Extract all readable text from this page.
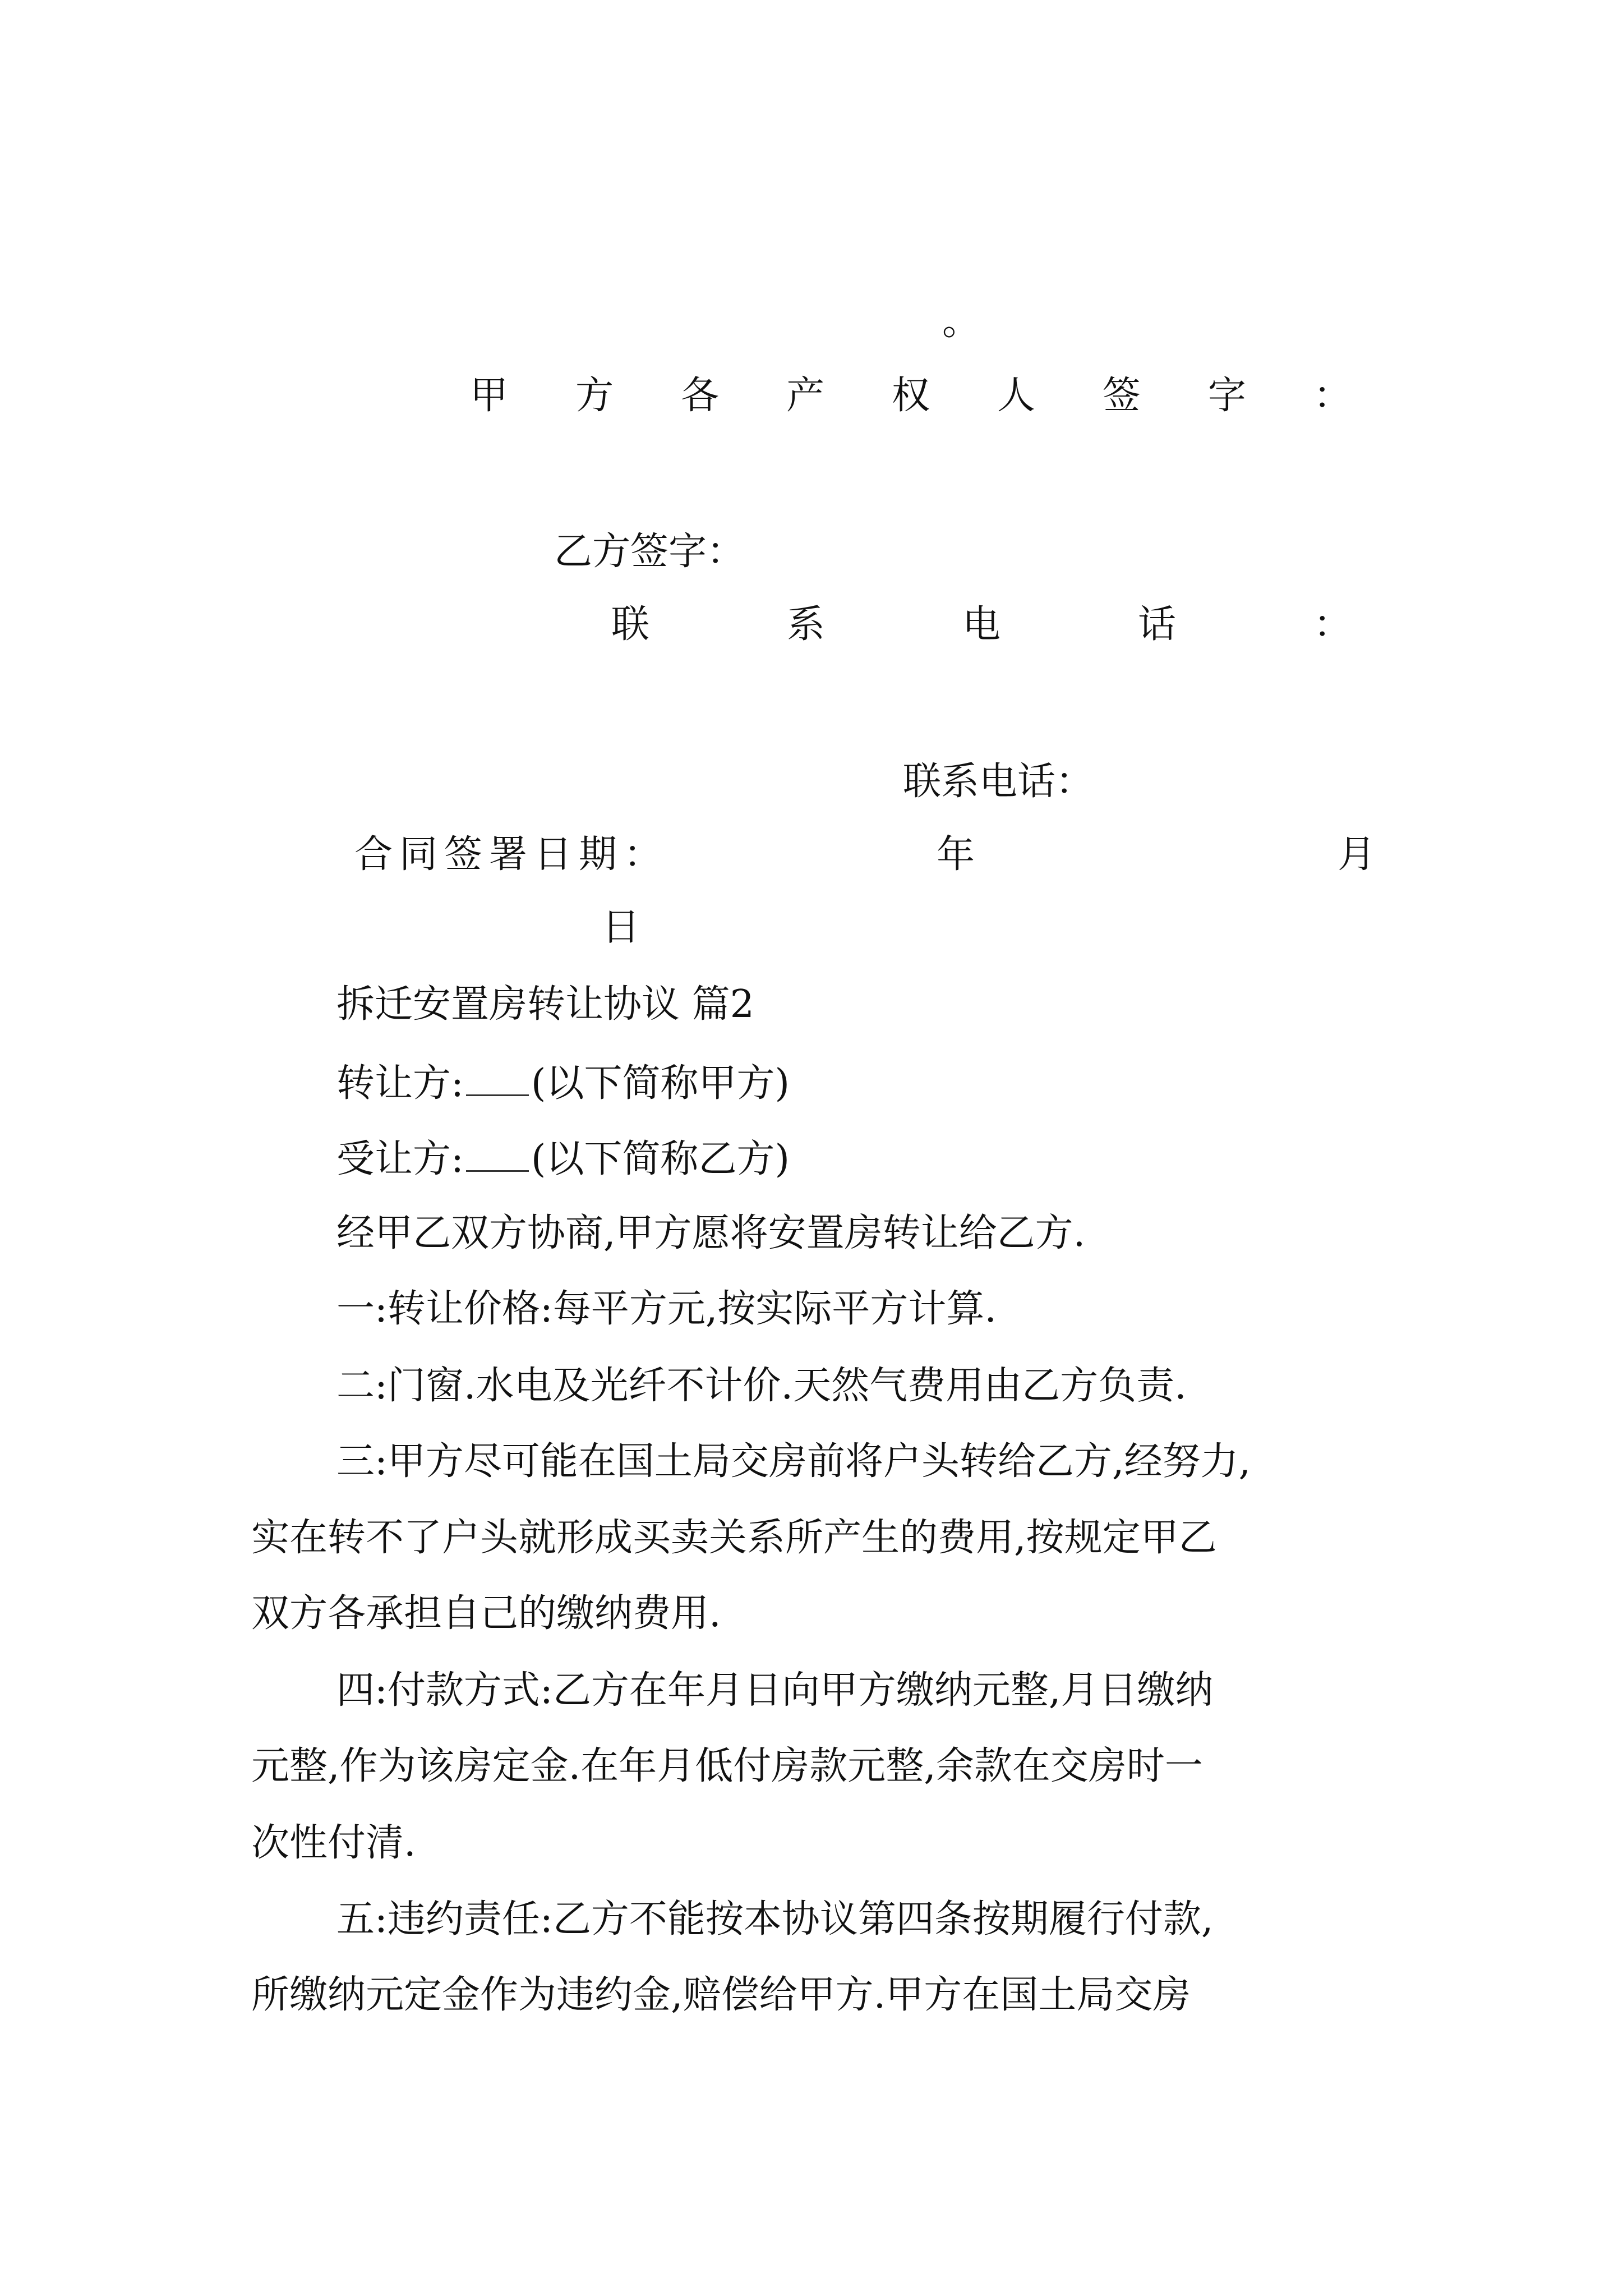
。
甲 方 各 产 权 人 签 字 ：
乙方签字：
联	系	电	话	：
联系电话：
合同签署日期：	年	月
日
拆迁安置房转让协议 篇2
转让方: (以下简称甲方)
受让方: (以下简称乙方)
经甲乙双方协商,甲方愿将安置房转让给乙方.
一:转让价格:每平方元,按实际平方计算.
二:门窗.水电及光纤不计价.天然气费用由乙方负责.
三:甲方尽可能在国土局交房前将户头转给乙方,经努力,
实在转不了户头就形成买卖关系所产生的费用,按规定甲乙
双方各承担自己的缴纳费用.
四:付款方式:乙方在年月日向甲方缴纳元整,月日缴纳
元整,作为该房定金.在年月低付房款元整,余款在交房时一
次性付清.
五:违约责任:乙方不能按本协议第四条按期履行付款,
所缴纳元定金作为违约金,赔偿给甲方.甲方在国土局交房
